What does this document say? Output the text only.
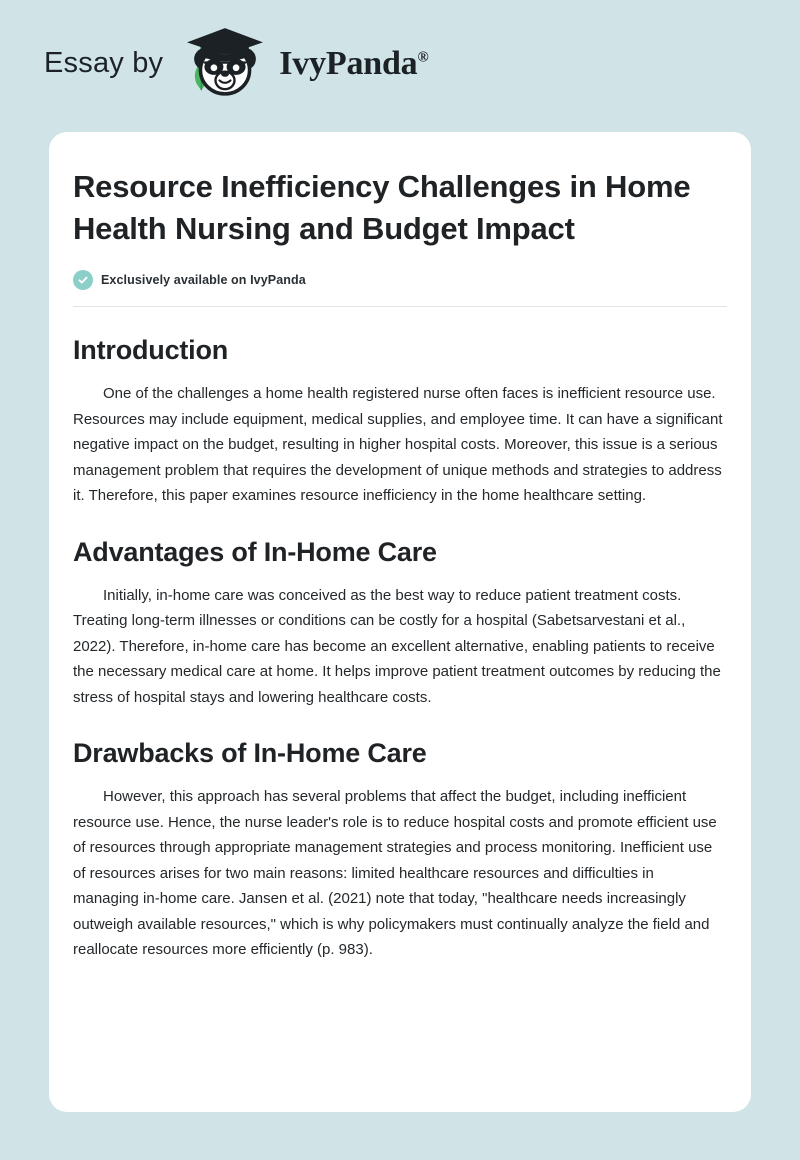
Essay by	IvyPanda®
Resource Inefficiency Challenges in Home Health Nursing and Budget Impact
Exclusively available on IvyPanda
Introduction

One of the challenges a home health registered nurse often faces is inefficient resource use. Resources may include equipment, medical supplies, and employee time. It can have a significant negative impact on the budget, resulting in higher hospital costs. Moreover, this issue is a serious management problem that requires the development of unique methods and strategies to address it. Therefore, this paper examines resource inefficiency in the home healthcare setting.

Advantages of In-Home Care

Initially, in-home care was conceived as the best way to reduce patient treatment costs. Treating long-term illnesses or conditions can be costly for a hospital (Sabetsarvestani et al., 2022). Therefore, in-home care has become an excellent alternative, enabling patients to receive the necessary medical care at home. It helps improve patient treatment outcomes by reducing the stress of hospital stays and lowering healthcare costs.

Drawbacks of In-Home Care

However, this approach has several problems that affect the budget, including inefficient resource use. Hence, the nurse leader's role is to reduce hospital costs and promote efficient use of resources through appropriate management strategies and process monitoring. Inefficient use of resources arises for two main reasons: limited healthcare resources and difficulties in managing in-home care. Jansen et al. (2021) note that today, "healthcare needs increasingly outweigh available resources," which is why policymakers must continually analyze the field and reallocate resources more efficiently (p. 983).
